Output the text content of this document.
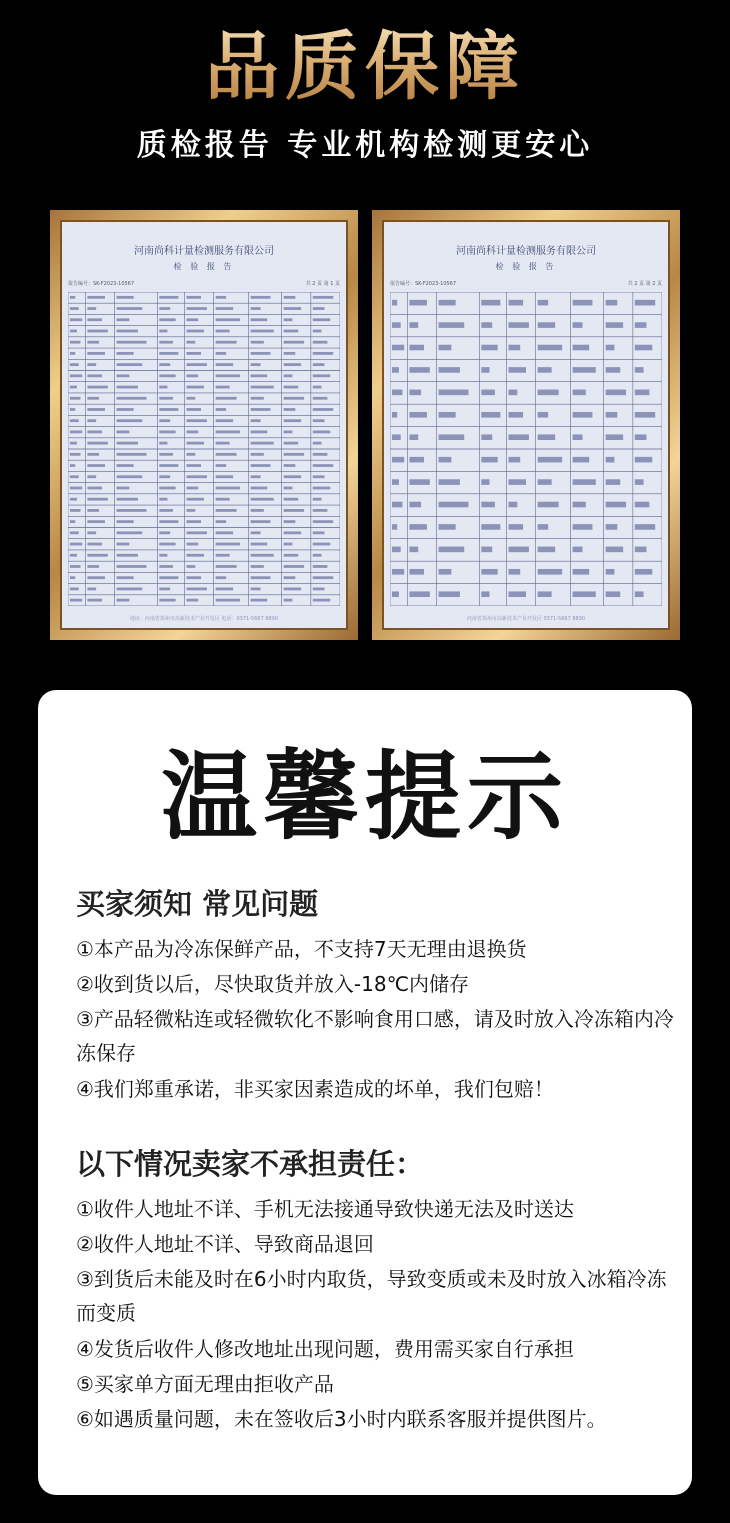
品质保障
质检报告 专业机构检测更安心
河南尚科计量检测服务有限公司
检 验 报 告
报告编号：SK-F2023-10567	共 2 页 第 1 页
地址：河南省郑州市高新技术产业开发区 电话：0371-5667 8890
河南尚科计量检测服务有限公司
检 验 报 告
报告编号：SK-F2023-10567	共 2 页 第 2 页
河南省郑州市高新技术产业开发区 0371-5667 8890
温馨提示
买家须知 常见问题
①本产品为冷冻保鲜产品，不支持7天无理由退换货
②收到货以后，尽快取货并放入-18℃内储存
③产品轻微粘连或轻微软化不影响食用口感，请及时放入冷冻箱内冷冻保存
④我们郑重承诺，非买家因素造成的坏单，我们包赔！
以下情况卖家不承担责任：
①收件人地址不详、手机无法接通导致快递无法及时送达
②收件人地址不详、导致商品退回
③到货后未能及时在6小时内取货，导致变质或未及时放入冰箱冷冻而变质
④发货后收件人修改地址出现问题，费用需买家自行承担
⑤买家单方面无理由拒收产品
⑥如遇质量问题，未在签收后3小时内联系客服并提供图片。
